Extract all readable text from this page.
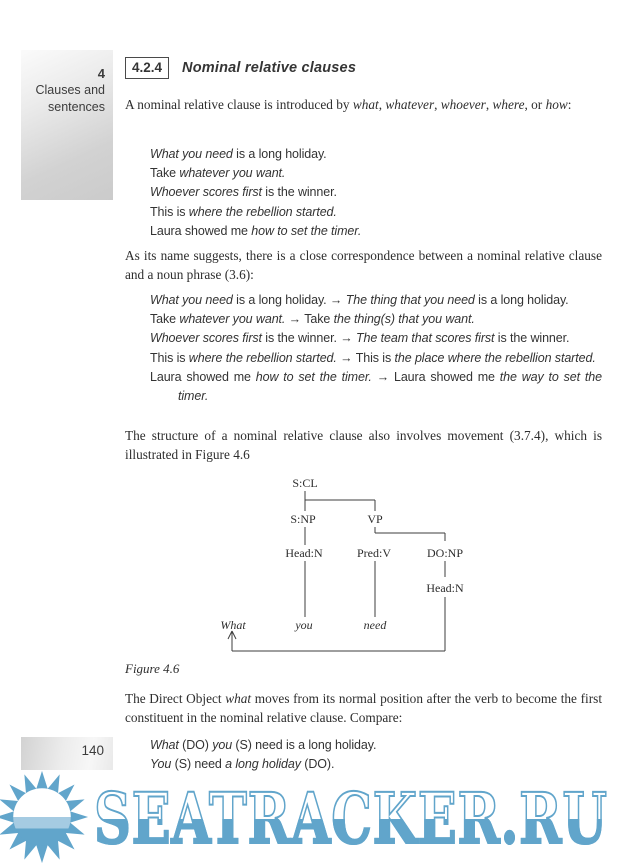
4
Clauses and
sentences
4.2.4	Nominal relative clauses
A nominal relative clause is introduced by what, whatever, whoever, where, or how:
What you need is a long holiday.
Take whatever you want.
Whoever scores first is the winner.
This is where the rebellion started.
Laura showed me how to set the timer.
As its name suggests, there is a close correspondence between a nominal relative clause and a noun phrase (3.6):
What you need is a long holiday. → The thing that you need is a long holiday.
Take whatever you want. → Take the thing(s) that you want.
Whoever scores first is the winner. → The team that scores first is the winner.
This is where the rebellion started. → This is the place where the rebellion started.
Laura showed me how to set the timer. → Laura showed me the way to set the timer.
The structure of a nominal relative clause also involves movement (3.7.4), which is illustrated in Figure 4.6
S:CL
S:NP	VP
Head:N	Pred:V	DO:NP
Head:N
What	you	need
Figure 4.6
The Direct Object what moves from its normal position after the verb to become the first constituent in the nominal relative clause. Compare:
What (DO) you (S) need is a long holiday.
You (S) need a long holiday (DO).
140
SEATRACKER.RU
